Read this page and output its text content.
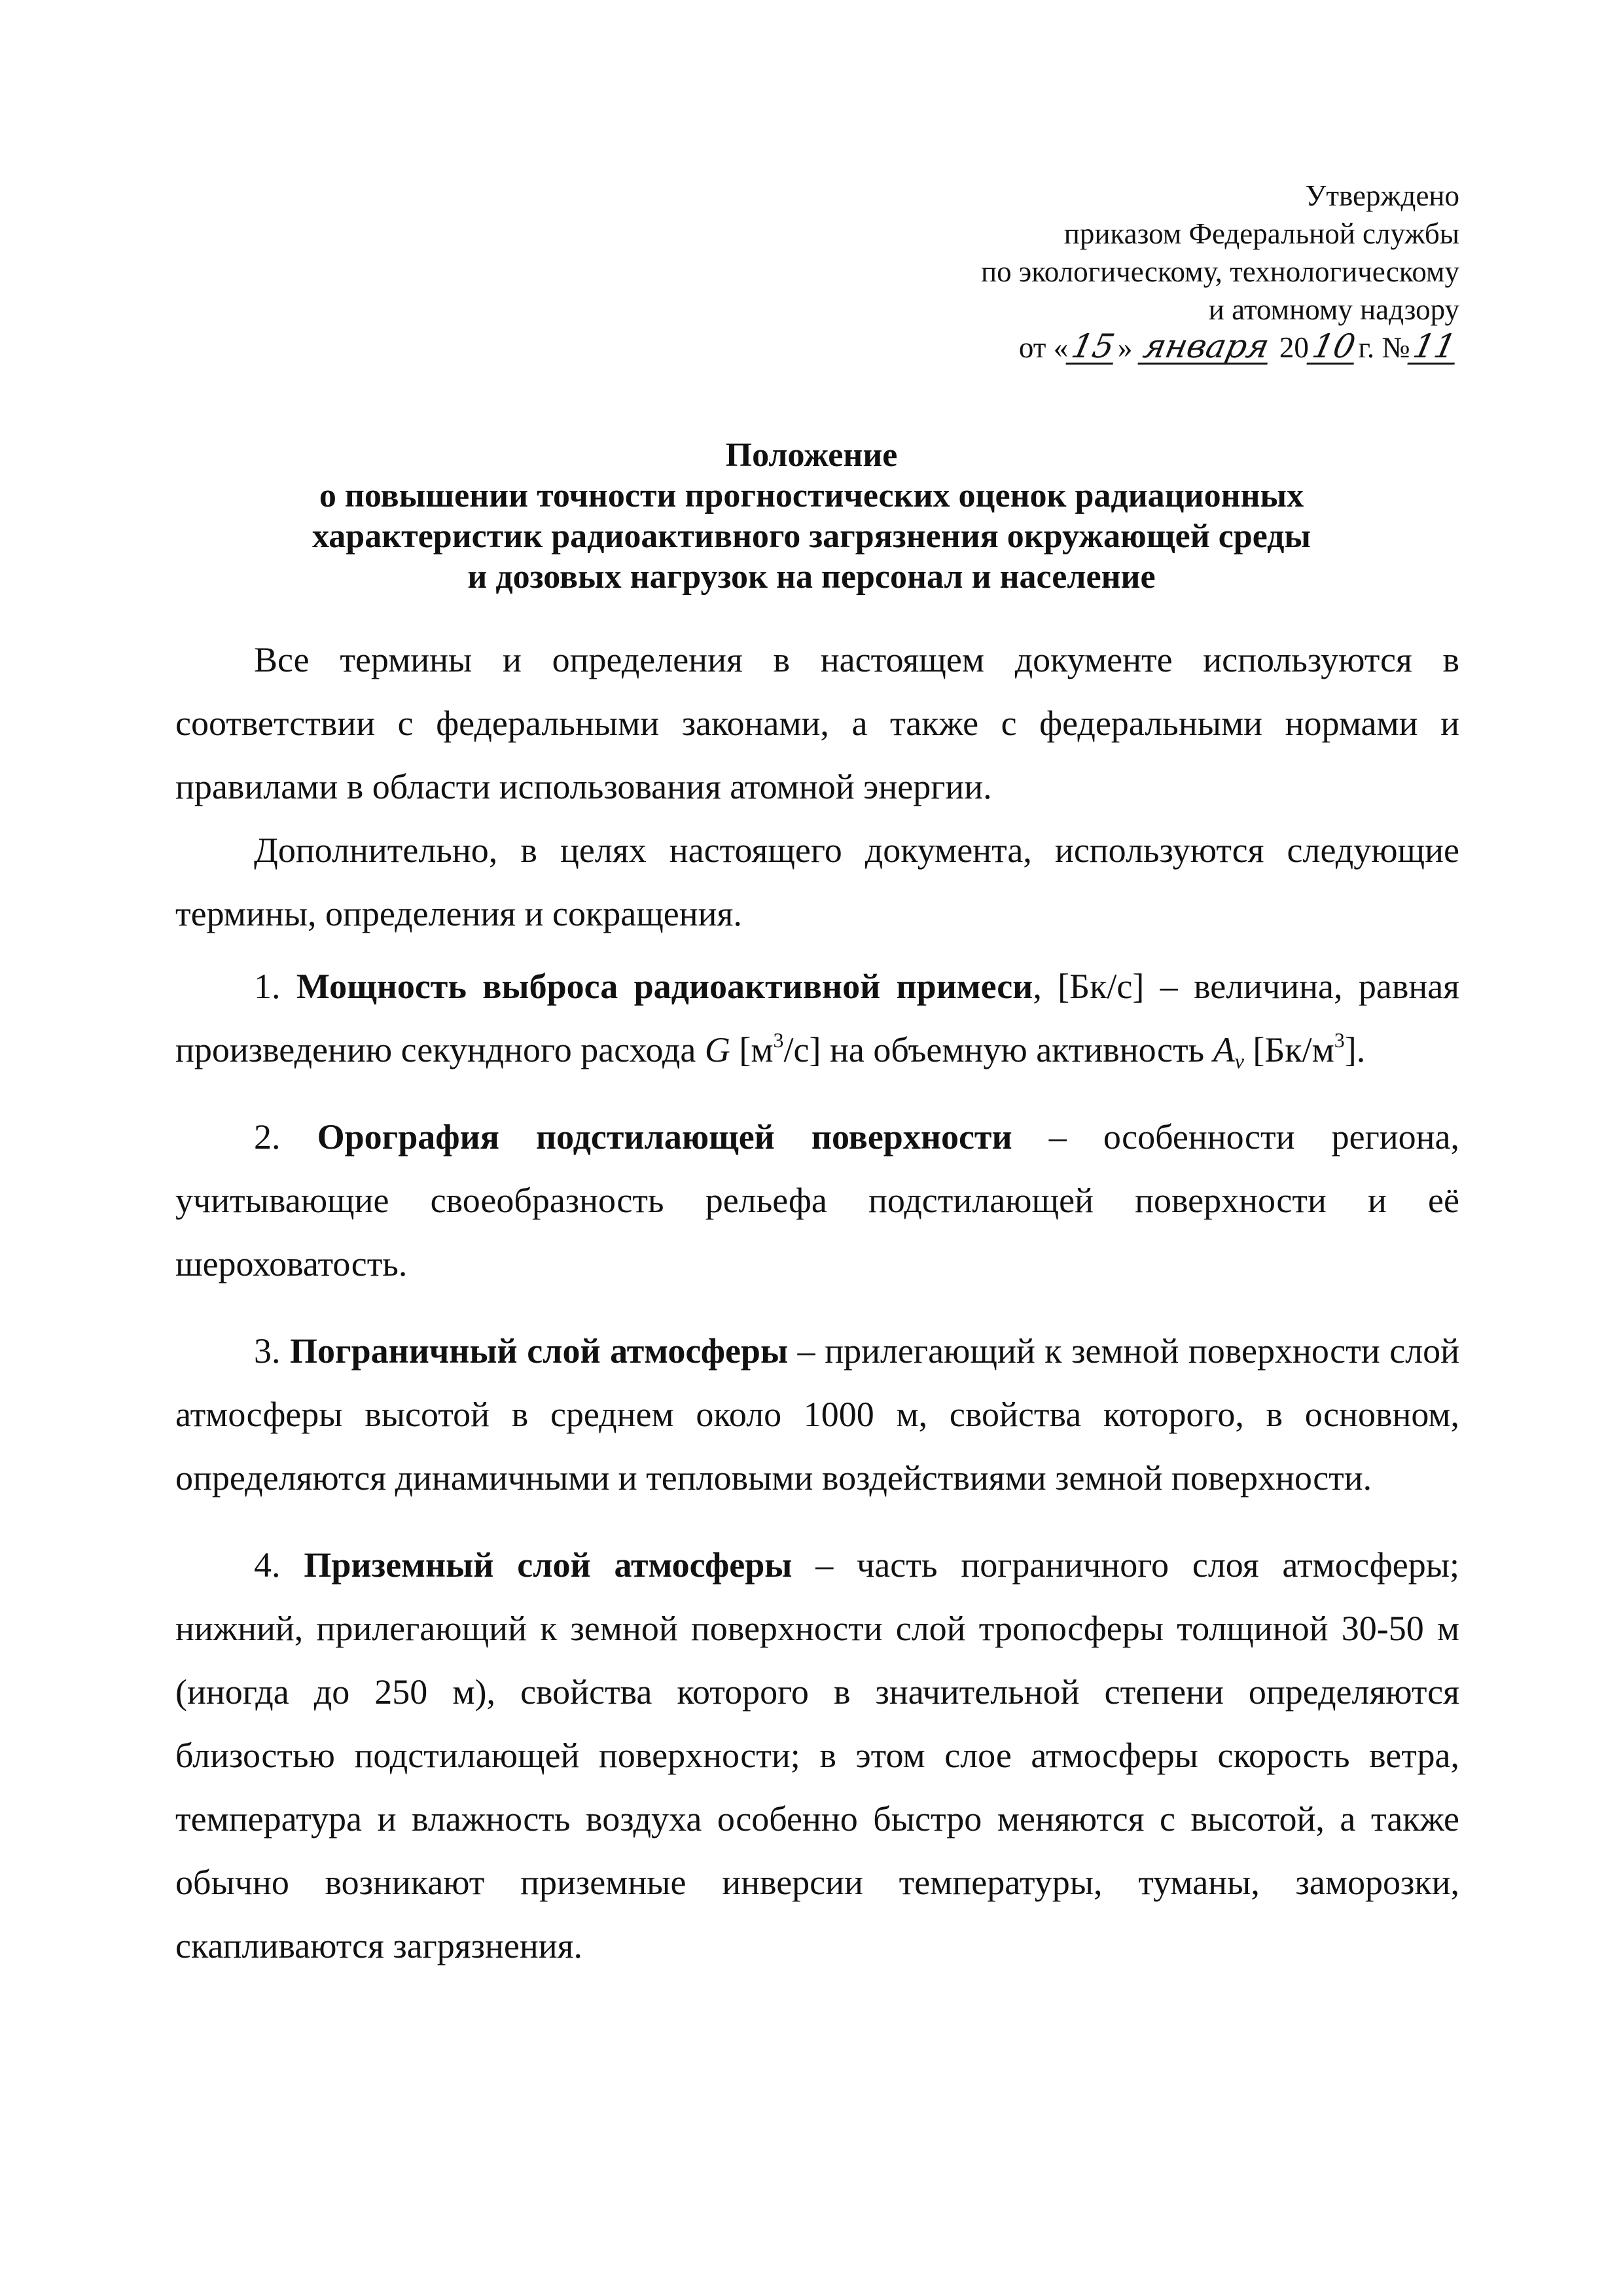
Утверждено
приказом Федеральной службы
по экологическому, технологическому
и атомному надзору
от «15» января 2010г. №11
Положение
о повышении точности прогностических оценок радиационных
характеристик радиоактивного загрязнения окружающей среды
и дозовых нагрузок на персонал и население

Все термины и определения в настоящем документе используются в соответствии с федеральными законами, а также с федеральными нормами и правилами в области использования атомной энергии.

Дополнительно, в целях настоящего документа, используются следующие термины, определения и сокращения.

1. Мощность выброса радиоактивной примеси, [Бк/с] – величина, равная произведению секундного расхода G $[м^3/с]$ на объемную активность $A_v$ $[Бк/м^3]$.

2. Орография подстилающей поверхности – особенности региона, учитывающие своеобразность рельефа подстилающей поверхности и её шероховатость.

3. Пограничный слой атмосферы – прилегающий к земной поверхности слой атмосферы высотой в среднем около 1000 м, свойства которого, в основном, определяются динамичными и тепловыми воздействиями земной поверхности.

4. Приземный слой атмосферы – часть пограничного слоя атмосферы; нижний, прилегающий к земной поверхности слой тропосферы толщиной 30-50 м (иногда до 250 м), свойства которого в значительной степени определяются близостью подстилающей поверхности; в этом слое атмосферы скорость ветра, температура и влажность воздуха особенно быстро меняются с высотой, а также обычно возникают приземные инверсии температуры, туманы, заморозки, скапливаются загрязнения.
